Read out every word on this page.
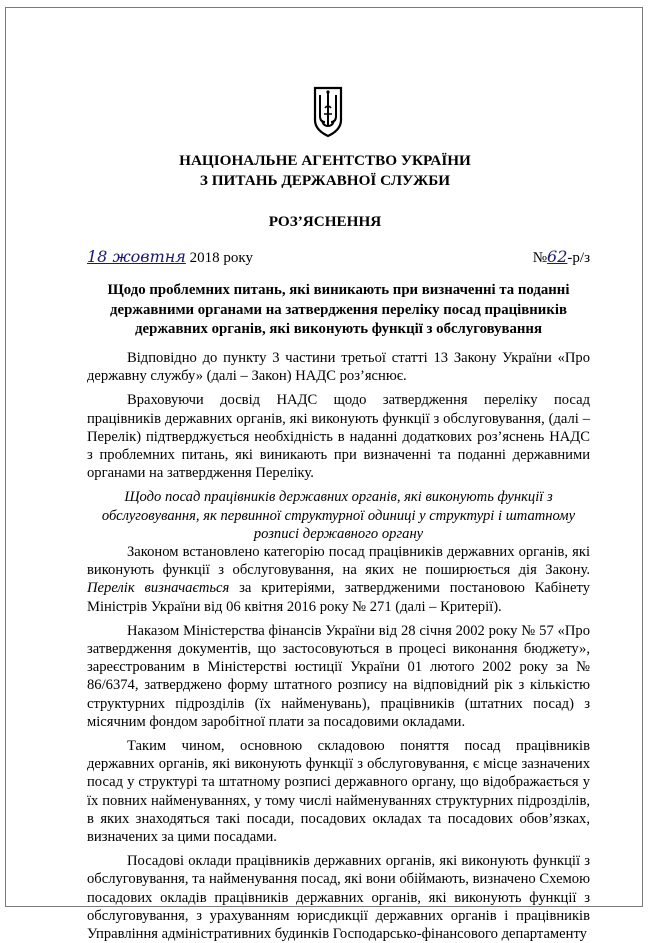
НАЦІОНАЛЬНЕ АГЕНТСТВО УКРАЇНИ
З ПИТАНЬ ДЕРЖАВНОЇ СЛУЖБИ
РОЗ’ЯСНЕННЯ
18 жовтня 2018 року	№62-р/з
Щодо проблемних питань, які виникають при визначенні та поданні державними органами на затвердження переліку посад працівників державних органів, які виконують функції з обслуговування

Відповідно до пункту 3 частини третьої статті 13 Закону України «Про державну службу» (далі – Закон) НАДС роз’яснює.

Враховуючи досвід НАДС щодо затвердження переліку посад працівників державних органів, які виконують функції з обслуговування, (далі – Перелік) підтверджується необхідність в наданні додаткових роз’яснень НАДС з проблемних питань, які виникають при визначенні та поданні державними органами на затвердження Переліку.

Щодо посад працівників державних органів, які виконують функції з обслуговування, як первинної структурної одиниці у структурі і штатному розписі державного органу

Законом встановлено категорію посад працівників державних органів, які виконують функції з обслуговування, на яких не поширюється дія Закону. Перелік визначається за критеріями, затвердженими постановою Кабінету Міністрів України від 06 квітня 2016 року № 271 (далі – Критерії).

Наказом Міністерства фінансів України від 28 січня 2002 року № 57 «Про затвердження документів, що застосовуються в процесі виконання бюджету», зареєстрованим в Міністерстві юстиції України 01 лютого 2002 року за № 86/6374, затверджено форму штатного розпису на відповідний рік з кількістю структурних підрозділів (їх найменувань), працівників (штатних посад) з місячним фондом заробітної плати за посадовими окладами.

Таким чином, основною складовою поняття посад працівників державних органів, які виконують функції з обслуговування, є місце зазначених посад у структурі та штатному розписі державного органу, що відображається у їх повних найменуваннях, у тому числі найменуваннях структурних підрозділів, в яких знаходяться такі посади, посадових окладах та посадових обов’язках, визначених за цими посадами.

Посадові оклади працівників державних органів, які виконують функції з обслуговування, та найменування посад, які вони обіймають, визначено Схемою посадових окладів працівників державних органів, які виконують функції з обслуговування, з урахуванням юрисдикції державних органів і працівників Управління адміністративних будинків Господарсько-фінансового департаменту
